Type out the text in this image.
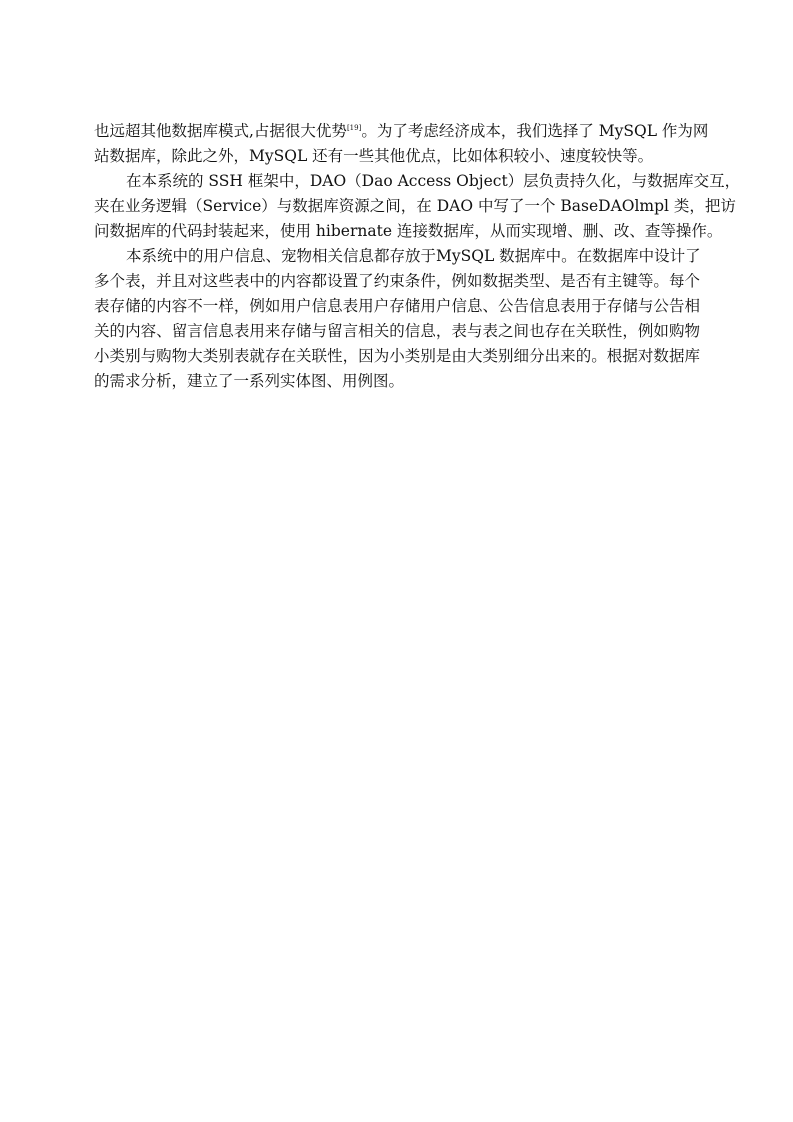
也远超其他数据库模式,占据很大优势[19]。为了考虑经济成本，我们选择了 MySQL 作为网
站数据库，除此之外，MySQL 还有一些其他优点，比如体积较小、速度较快等。
在本系统的 SSH 框架中，DAO（Dao Access Object）层负责持久化，与数据库交互，
夹在业务逻辑（Service）与数据库资源之间，在 DAO 中写了一个 BaseDAOlmpl 类，把访
问数据库的代码封装起来，使用 hibernate 连接数据库，从而实现增、删、改、查等操作。
本系统中的用户信息、宠物相关信息都存放于MySQL 数据库中。在数据库中设计了
多个表，并且对这些表中的内容都设置了约束条件，例如数据类型、是否有主键等。每个
表存储的内容不一样，例如用户信息表用户存储用户信息、公告信息表用于存储与公告相
关的内容、留言信息表用来存储与留言相关的信息，表与表之间也存在关联性，例如购物
小类别与购物大类别表就存在关联性，因为小类别是由大类别细分出来的。根据对数据库
的需求分析，建立了一系列实体图、用例图。
